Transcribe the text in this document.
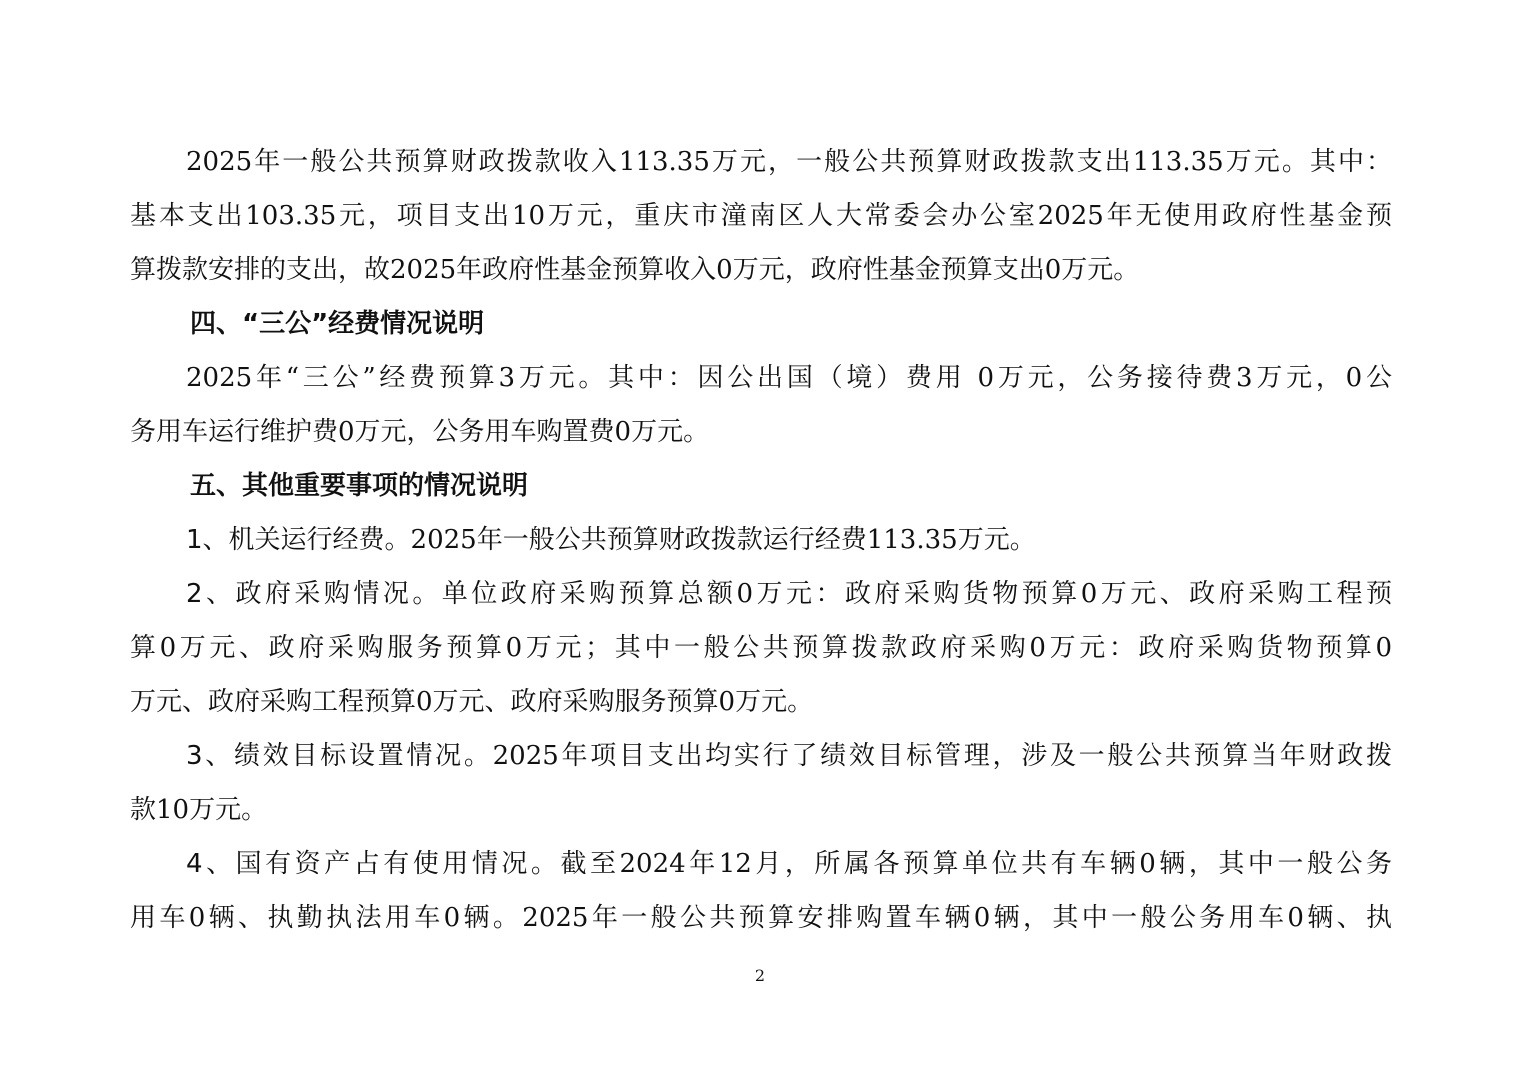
2025年一般公共预算财政拨款收入113.35万元，一般公共预算财政拨款支出113.35万元。其中：
基本支出103.35元，项目支出10万元，重庆市潼南区人大常委会办公室2025年无使用政府性基金预
算拨款安排的支出，故2025年政府性基金预算收入0万元，政府性基金预算支出0万元。
四、“三公”经费情况说明
2025年“三公”经费预算3万元。其中：因公出国（境）费用 0万元，公务接待费3万元，0公
务用车运行维护费0万元，公务用车购置费0万元。
五、其他重要事项的情况说明
1、机关运行经费。2025年一般公共预算财政拨款运行经费113.35万元。
2、政府采购情况。单位政府采购预算总额0万元：政府采购货物预算0万元、政府采购工程预
算0万元、政府采购服务预算0万元；其中一般公共预算拨款政府采购0万元：政府采购货物预算0
万元、政府采购工程预算0万元、政府采购服务预算0万元。
3、绩效目标设置情况。2025年项目支出均实行了绩效目标管理，涉及一般公共预算当年财政拨
款10万元。
4、国有资产占有使用情况。截至2024年12月，所属各预算单位共有车辆0辆，其中一般公务
用车0辆、执勤执法用车0辆。2025年一般公共预算安排购置车辆0辆，其中一般公务用车0辆、执
2
